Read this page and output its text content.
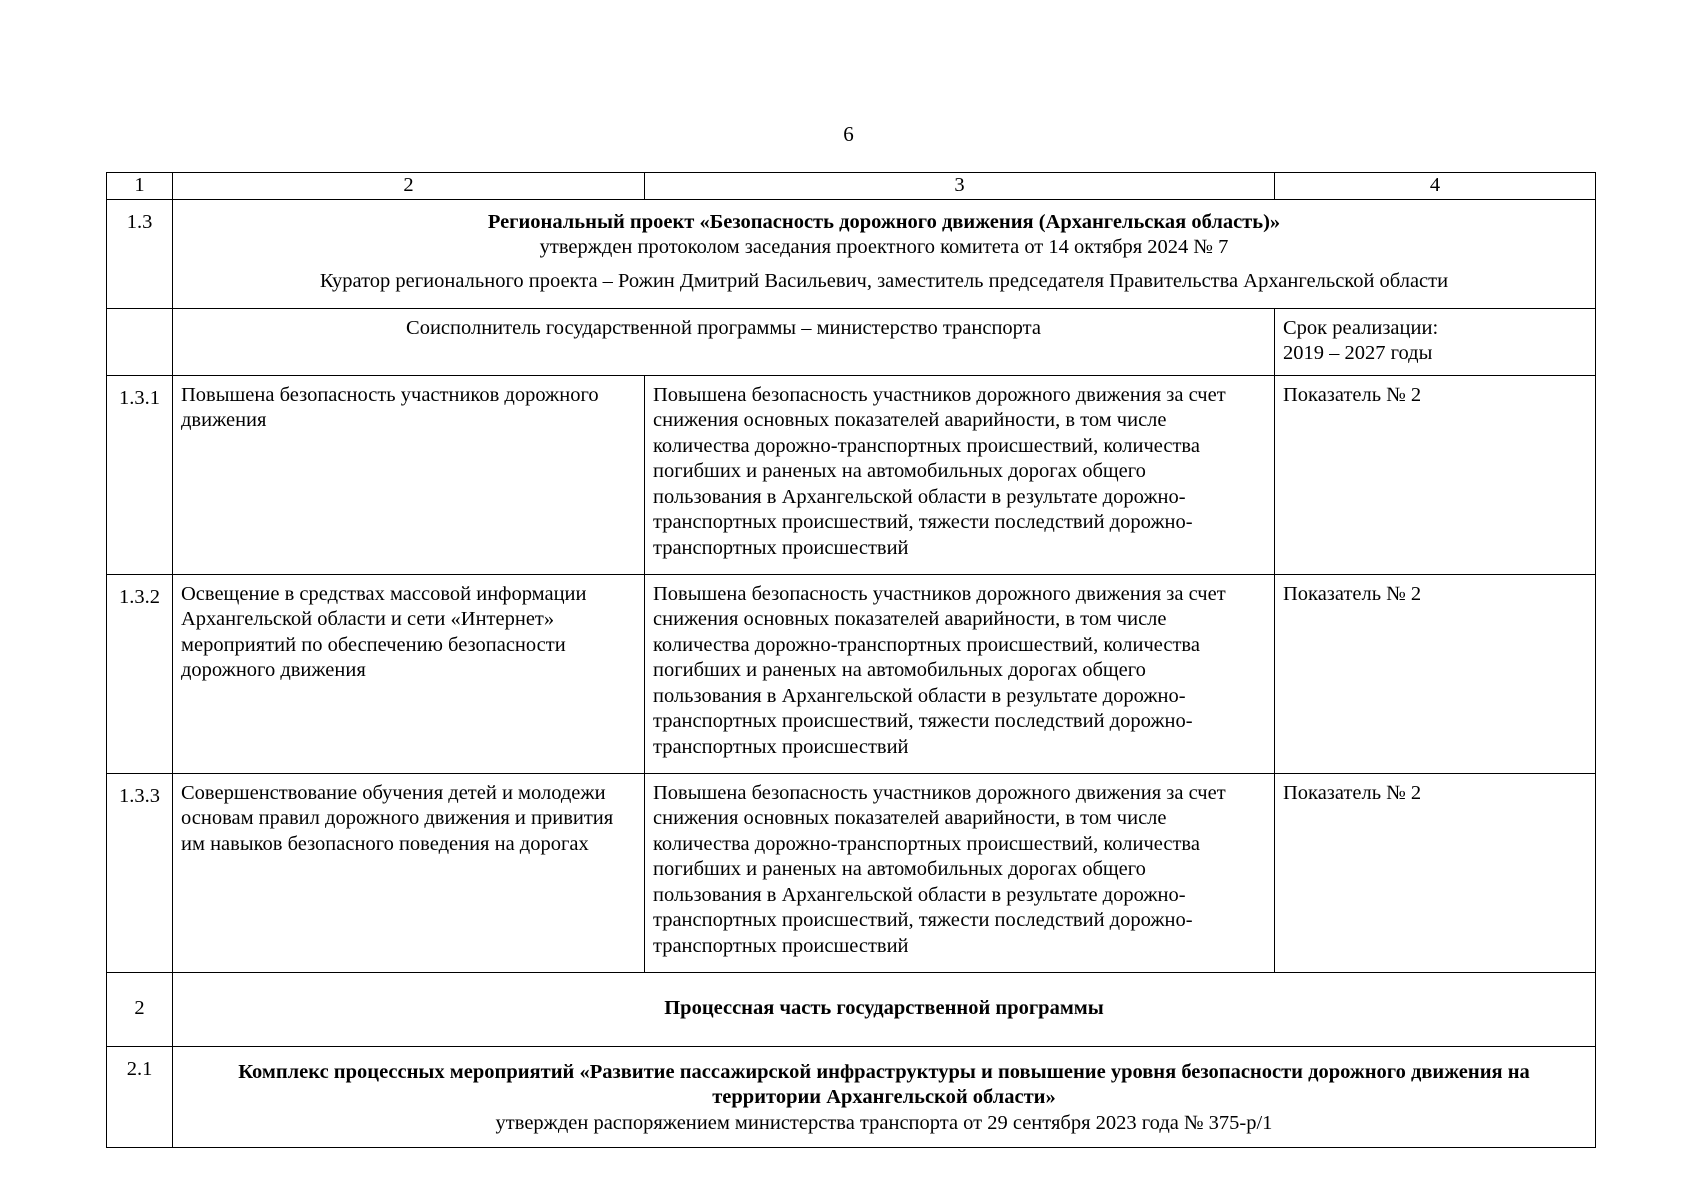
6
1	2	3	4
1.3	Региональный проект «Безопасность дорожного движения (Архангельская область)»
утвержден протоколом заседания проектного комитета от 14 октября 2024 № 7
Куратор регионального проекта – Рожин Дмитрий Васильевич, заместитель председателя Правительства Архангельской области		

	Соисполнитель государственной программы – министерство транспорта		Срок реализации:
2019 – 2027 годы

1.3.1	Повышена безопасность участников дорожного движения	Повышена безопасность участников дорожного движения за счет снижения основных показателей аварийности, в том числе количества дорожно-транспортных происшествий, количества погибших и раненых на автомобильных дорогах общего пользования в Архангельской области в результате дорожно-транспортных происшествий, тяжести последствий дорожно-транспортных происшествий	Показатель № 2
1.3.2	Освещение в средствах массовой информации Архангельской области и сети «Интернет» мероприятий по обеспечению безопасности дорожного движения	Повышена безопасность участников дорожного движения за счет снижения основных показателей аварийности, в том числе количества дорожно-транспортных происшествий, количества погибших и раненых на автомобильных дорогах общего пользования в Архангельской области в результате дорожно-транспортных происшествий, тяжести последствий дорожно-транспортных происшествий	Показатель № 2
1.3.3	Совершенствование обучения детей и молодежи основам правил дорожного движения и привития им навыков безопасного поведения на дорогах	Повышена безопасность участников дорожного движения за счет снижения основных показателей аварийности, в том числе количества дорожно-транспортных происшествий, количества погибших и раненых на автомобильных дорогах общего пользования в Архангельской области в результате дорожно-транспортных происшествий, тяжести последствий дорожно-транспортных происшествий	Показатель № 2
2	Процессная часть государственной программы		
2.1	Комплекс процессных мероприятий «Развитие пассажирской инфраструктуры и повышение уровня безопасности дорожного движения на территории Архангельской области»
утвержден распоряжением министерства транспорта от 29 сентября 2023 года № 375-р/1		
